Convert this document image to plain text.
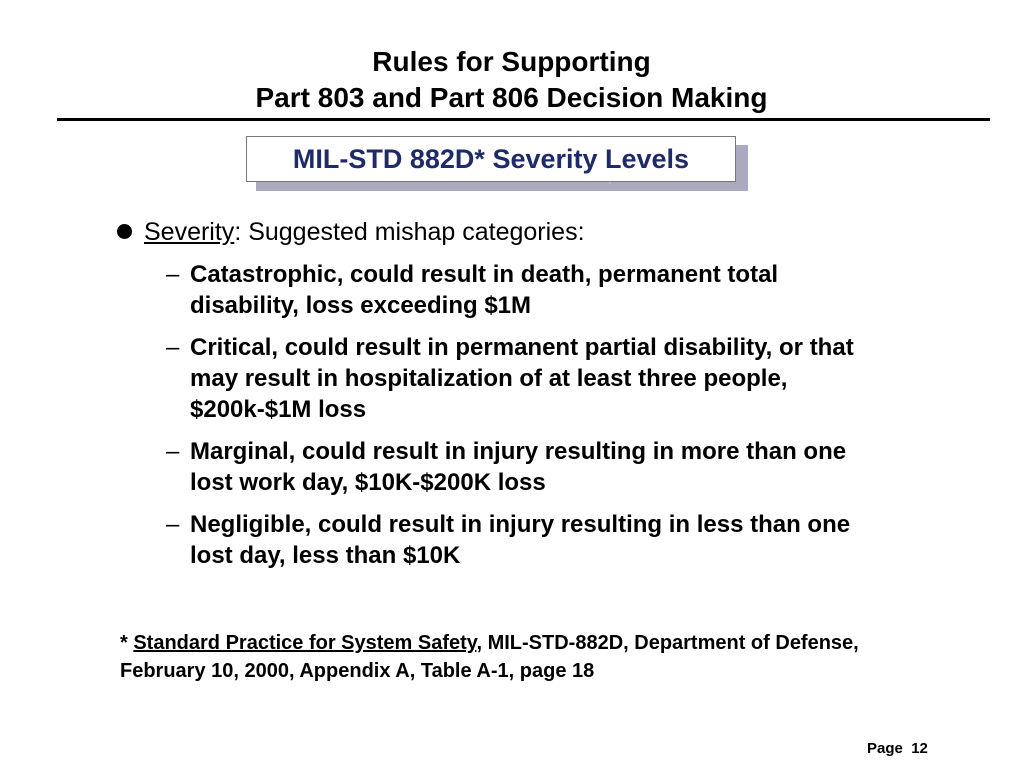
Rules for Supporting
Part 803 and Part 806 Decision Making
MIL-STD 882D* Severity Levels
◦
Severity: Suggested mishap categories:
– Catastrophic, could result in death, permanent total disability, loss exceeding $1M
– Critical, could result in permanent partial disability, or that may result in hospitalization of at least three people, $200k-$1M loss
– Marginal, could result in injury resulting in more than one lost work day, $10K-$200K loss
– Negligible, could result in injury resulting in less than one lost day, less than $10K
* Standard Practice for System Safety, MIL-STD-882D, Department of Defense, February 10, 2000, Appendix A, Table A-1, page 18
Page 12
